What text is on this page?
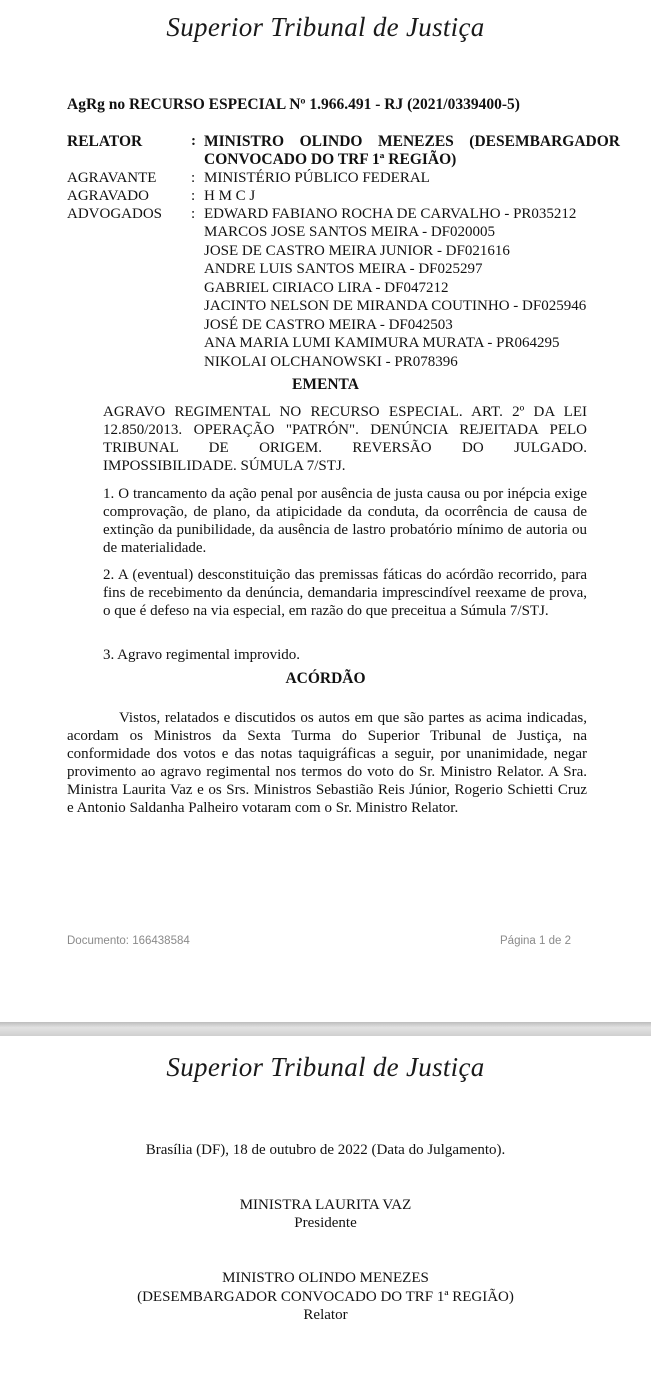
Superior Tribunal de Justiça
AgRg no RECURSO ESPECIAL Nº 1.966.491 - RJ (2021/0339400-5)
RELATOR	: MINISTRO OLINDO MENEZES (DESEMBARGADOR
CONVOCADO DO TRF 1ª REGIÃO)
AGRAVANTE : MINISTÉRIO PÚBLICO FEDERAL
AGRAVADO	: H M C J
ADVOGADOS : EDWARD FABIANO ROCHA DE CARVALHO - PR035212
MARCOS JOSE SANTOS MEIRA - DF020005
JOSE DE CASTRO MEIRA JUNIOR - DF021616
ANDRE LUIS SANTOS MEIRA - DF025297
GABRIEL CIRIACO LIRA - DF047212
JACINTO NELSON DE MIRANDA COUTINHO - DF025946
JOSÉ DE CASTRO MEIRA - DF042503
ANA MARIA LUMI KAMIMURA MURATA - PR064295
NIKOLAI OLCHANOWSKI - PR078396
EMENTA
AGRAVO REGIMENTAL NO RECURSO ESPECIAL. ART. 2º DA LEI 12.850/2013. OPERAÇÃO "PATRÓN". DENÚNCIA REJEITADA PELO TRIBUNAL DE ORIGEM. REVERSÃO DO JULGADO. IMPOSSIBILIDADE. SÚMULA 7/STJ.
1. O trancamento da ação penal por ausência de justa causa ou por inépcia exige comprovação, de plano, da atipicidade da conduta, da ocorrência de causa de extinção da punibilidade, da ausência de lastro probatório mínimo de autoria ou de materialidade.
2. A (eventual) desconstituição das premissas fáticas do acórdão recorrido, para fins de recebimento da denúncia, demandaria imprescindível reexame de prova, o que é defeso na via especial, em razão do que preceitua a Súmula 7/STJ.
3. Agravo regimental improvido.
ACÓRDÃO
Vistos, relatados e discutidos os autos em que são partes as acima indicadas, acordam os Ministros da Sexta Turma do Superior Tribunal de Justiça, na conformidade dos votos e das notas taquigráficas a seguir, por unanimidade, negar provimento ao agravo regimental nos termos do voto do Sr. Ministro Relator. A Sra. Ministra Laurita Vaz e os Srs. Ministros Sebastião Reis Júnior, Rogerio Schietti Cruz e Antonio Saldanha Palheiro votaram com o Sr. Ministro Relator.
Documento: 166438584	Página 1 de 2
Superior Tribunal de Justiça
Brasília (DF), 18 de outubro de 2022 (Data do Julgamento).
MINISTRA LAURITA VAZ
Presidente
MINISTRO OLINDO MENEZES
(DESEMBARGADOR CONVOCADO DO TRF 1ª REGIÃO)
Relator
